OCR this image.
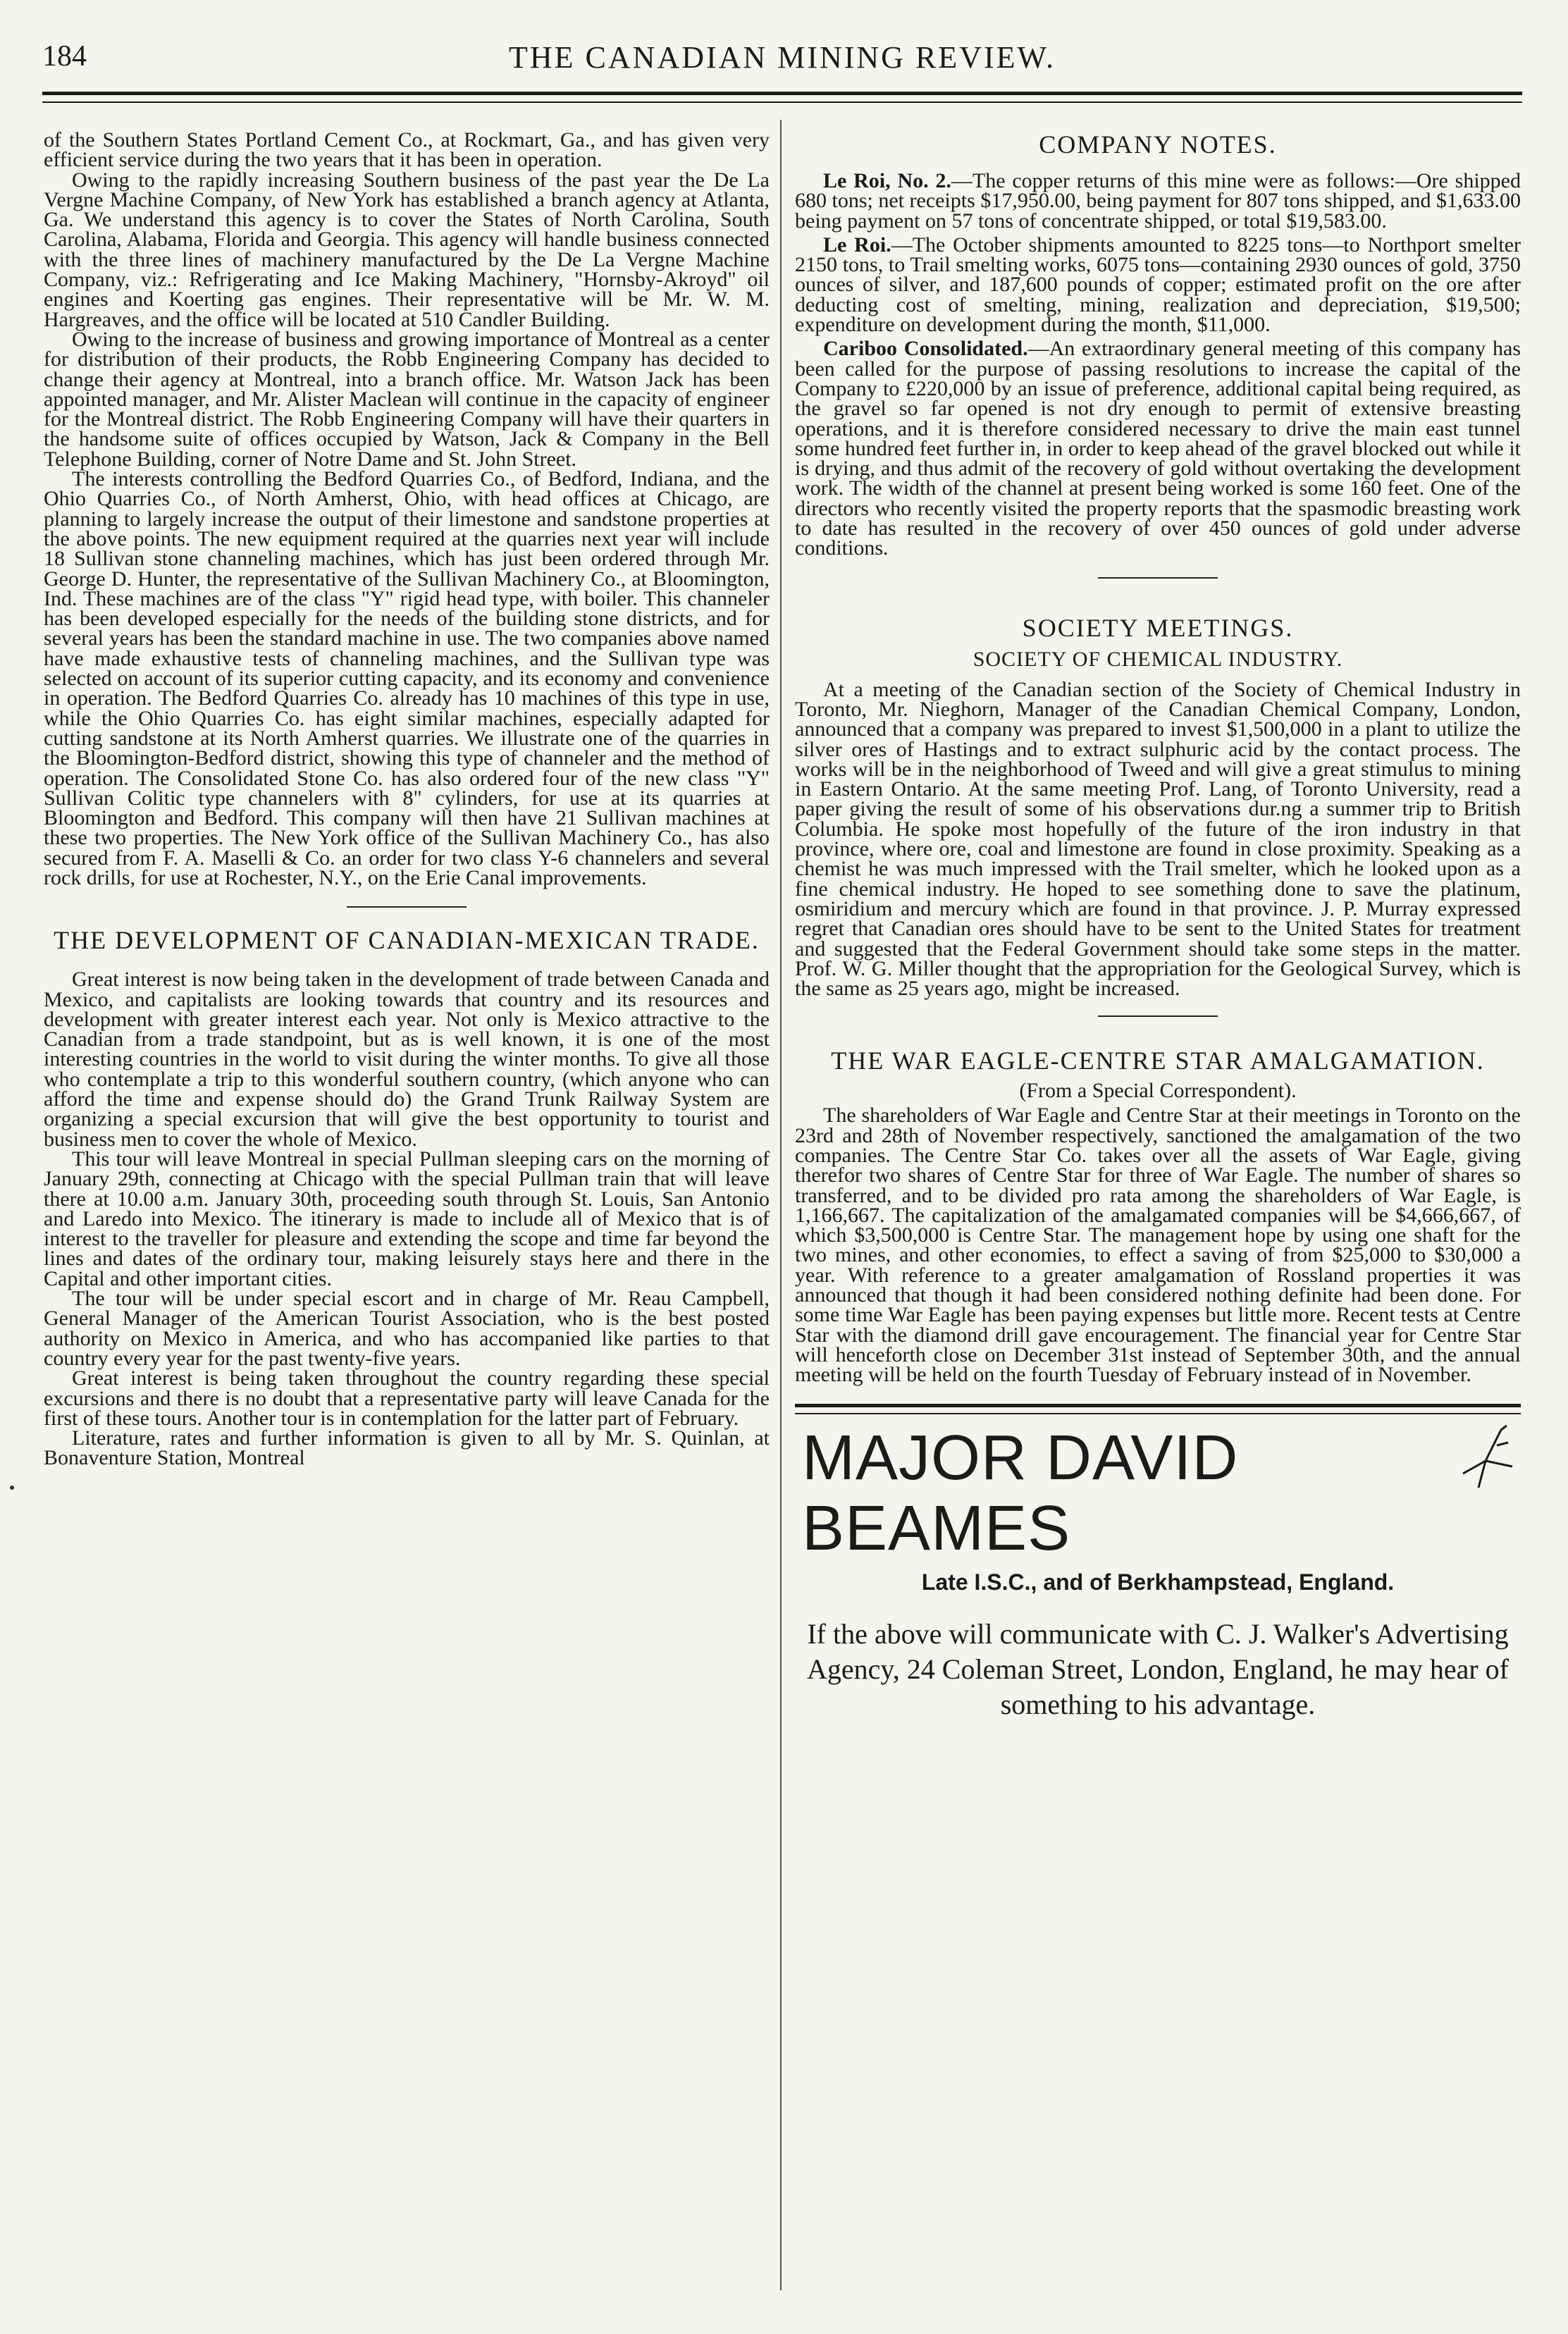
184	THE CANADIAN MINING REVIEW.

of the Southern States Portland Cement Co., at Rockmart, Ga., and has given very efficient service during the two years that it has been in operation.

Owing to the rapidly increasing Southern business of the past year the De La Vergne Machine Company, of New York has established a branch agency at Atlanta, Ga. We understand this agency is to cover the States of North Carolina, South Carolina, Alabama, Florida and Georgia. This agency will handle business connected with the three lines of machinery manufactured by the De La Vergne Machine Company, viz.: Refrigerating and Ice Making Machinery, "Hornsby-Akroyd" oil engines and Koerting gas engines. Their representative will be Mr. W. M. Hargreaves, and the office will be located at 510 Candler Building.

Owing to the increase of business and growing importance of Montreal as a center for distribution of their products, the Robb Engineering Company has decided to change their agency at Montreal, into a branch office. Mr. Watson Jack has been appointed manager, and Mr. Alister Maclean will continue in the capacity of engineer for the Montreal district. The Robb Engineering Company will have their quarters in the handsome suite of offices occupied by Watson, Jack & Company in the Bell Telephone Building, corner of Notre Dame and St. John Street.

The interests controlling the Bedford Quarries Co., of Bedford, Indiana, and the Ohio Quarries Co., of North Amherst, Ohio, with head offices at Chicago, are planning to largely increase the output of their limestone and sandstone properties at the above points. The new equipment required at the quarries next year will include 18 Sullivan stone channeling machines, which has just been ordered through Mr. George D. Hunter, the representative of the Sullivan Machinery Co., at Bloomington, Ind. These machines are of the class "Y" rigid head type, with boiler. This channeler has been developed especially for the needs of the building stone districts, and for several years has been the standard machine in use. The two companies above named have made exhaustive tests of channeling machines, and the Sullivan type was selected on account of its superior cutting capacity, and its economy and convenience in operation. The Bedford Quarries Co. already has 10 machines of this type in use, while the Ohio Quarries Co. has eight similar machines, especially adapted for cutting sandstone at its North Amherst quarries. We illustrate one of the quarries in the Bloomington-Bedford district, showing this type of channeler and the method of operation. The Consolidated Stone Co. has also ordered four of the new class "Y" Sullivan Colitic type channelers with 8" cylinders, for use at its quarries at Bloomington and Bedford. This company will then have 21 Sullivan machines at these two properties. The New York office of the Sullivan Machinery Co., has also secured from F. A. Maselli & Co. an order for two class Y-6 channelers and several rock drills, for use at Rochester, N.Y., on the Erie Canal improvements.

THE DEVELOPMENT OF CANADIAN-MEXICAN TRADE.

Great interest is now being taken in the development of trade between Canada and Mexico, and capitalists are looking towards that country and its resources and development with greater interest each year. Not only is Mexico attractive to the Canadian from a trade standpoint, but as is well known, it is one of the most interesting countries in the world to visit during the winter months. To give all those who contemplate a trip to this wonderful southern country, (which anyone who can afford the time and expense should do) the Grand Trunk Railway System are organizing a special excursion that will give the best opportunity to tourist and business men to cover the whole of Mexico.

This tour will leave Montreal in special Pullman sleeping cars on the morning of January 29th, connecting at Chicago with the special Pullman train that will leave there at 10.00 a.m. January 30th, proceeding south through St. Louis, San Antonio and Laredo into Mexico. The itinerary is made to include all of Mexico that is of interest to the traveller for pleasure and extending the scope and time far beyond the lines and dates of the ordinary tour, making leisurely stays here and there in the Capital and other important cities.

The tour will be under special escort and in charge of Mr. Reau Campbell, General Manager of the American Tourist Association, who is the best posted authority on Mexico in America, and who has accompanied like parties to that country every year for the past twenty-five years.

Great interest is being taken throughout the country regarding these special excursions and there is no doubt that a representative party will leave Canada for the first of these tours. Another tour is in contemplation for the latter part of February.

Literature, rates and further information is given to all by Mr. S. Quinlan, at Bonaventure Station, Montreal

COMPANY NOTES.

Le Roi, No. 2.—The copper returns of this mine were as follows:—Ore shipped 680 tons; net receipts $17,950.00, being payment for 807 tons shipped, and $1,633.00 being payment on 57 tons of concentrate shipped, or total $19,583.00.

Le Roi.—The October shipments amounted to 8225 tons—to Northport smelter 2150 tons, to Trail smelting works, 6075 tons—containing 2930 ounces of gold, 3750 ounces of silver, and 187,600 pounds of copper; estimated profit on the ore after deducting cost of smelting, mining, realization and depreciation, $19,500; expenditure on development during the month, $11,000.

Cariboo Consolidated.—An extraordinary general meeting of this company has been called for the purpose of passing resolutions to increase the capital of the Company to £220,000 by an issue of preference, additional capital being required, as the gravel so far opened is not dry enough to permit of extensive breasting operations, and it is therefore considered necessary to drive the main east tunnel some hundred feet further in, in order to keep ahead of the gravel blocked out while it is drying, and thus admit of the recovery of gold without overtaking the development work. The width of the channel at present being worked is some 160 feet. One of the directors who recently visited the property reports that the spasmodic breasting work to date has resulted in the recovery of over 450 ounces of gold under adverse conditions.

SOCIETY MEETINGS.
SOCIETY OF CHEMICAL INDUSTRY.

At a meeting of the Canadian section of the Society of Chemical Industry in Toronto, Mr. Nieghorn, Manager of the Canadian Chemical Company, London, announced that a company was prepared to invest $1,500,000 in a plant to utilize the silver ores of Hastings and to extract sulphuric acid by the contact process. The works will be in the neighborhood of Tweed and will give a great stimulus to mining in Eastern Ontario. At the same meeting Prof. Lang, of Toronto University, read a paper giving the result of some of his observations dur.ng a summer trip to British Columbia. He spoke most hopefully of the future of the iron industry in that province, where ore, coal and limestone are found in close proximity. Speaking as a chemist he was much impressed with the Trail smelter, which he looked upon as a fine chemical industry. He hoped to see something done to save the platinum, osmiridium and mercury which are found in that province. J. P. Murray expressed regret that Canadian ores should have to be sent to the United States for treatment and suggested that the Federal Government should take some steps in the matter. Prof. W. G. Miller thought that the appropriation for the Geological Survey, which is the same as 25 years ago, might be increased.

THE WAR EAGLE-CENTRE STAR AMALGAMATION.
(From a Special Correspondent).

The shareholders of War Eagle and Centre Star at their meetings in Toronto on the 23rd and 28th of November respectively, sanctioned the amalgamation of the two companies. The Centre Star Co. takes over all the assets of War Eagle, giving therefor two shares of Centre Star for three of War Eagle. The number of shares so transferred, and to be divided pro rata among the shareholders of War Eagle, is 1,166,667. The capitalization of the amalgamated companies will be $4,666,667, of which $3,500,000 is Centre Star. The management hope by using one shaft for the two mines, and other economies, to effect a saving of from $25,000 to $30,000 a year. With reference to a greater amalgamation of Rossland properties it was announced that though it had been considered nothing definite had been done. For some time War Eagle has been paying expenses but little more. Recent tests at Centre Star with the diamond drill gave encouragement. The financial year for Centre Star will henceforth close on December 31st instead of September 30th, and the annual meeting will be held on the fourth Tuesday of February instead of in November.

MAJOR DAVID BEAMES
Late I.S.C., and of Berkhampstead, England.
If the above will communicate with C. J. Walker's Advertising Agency, 24 Coleman Street, London, England, he may hear of something to his advantage.
